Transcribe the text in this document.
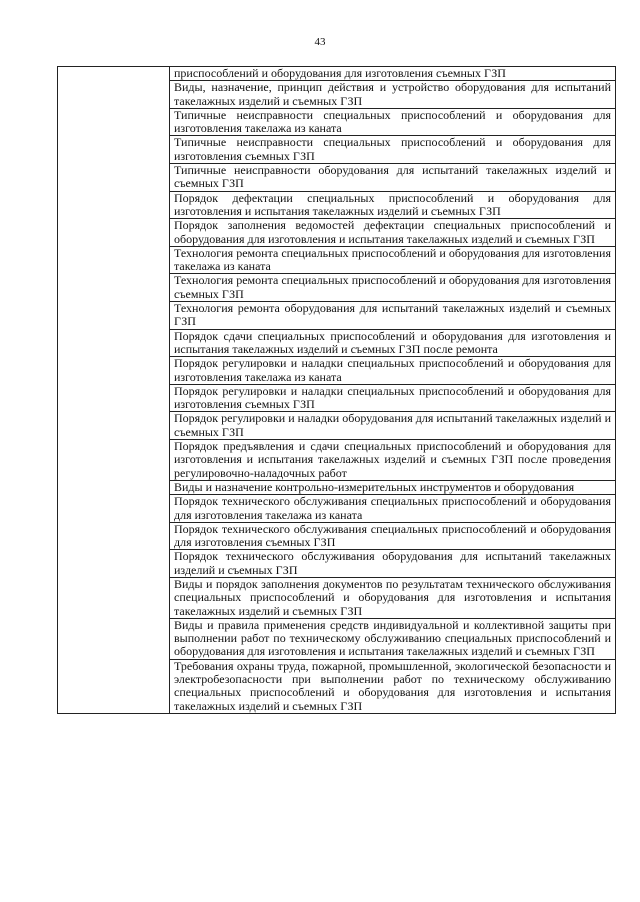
43
	приспособлений и оборудования для изготовления съемных ГЗП
Виды, назначение, принцип действия и устройство оборудования для испытаний такелажных изделий и съемных ГЗП
Типичные неисправности специальных приспособлений и оборудования для изготовления такелажа из каната
Типичные неисправности специальных приспособлений и оборудования для изготовления съемных ГЗП
Типичные неисправности оборудования для испытаний такелажных изделий и съемных ГЗП
Порядок дефектации специальных приспособлений и оборудования для изготовления и испытания такелажных изделий и съемных ГЗП
Порядок заполнения ведомостей дефектации специальных приспособлений и оборудования для изготовления и испытания такелажных изделий и съемных ГЗП
Технология ремонта специальных приспособлений и оборудования для изготовления такелажа из каната
Технология ремонта специальных приспособлений и оборудования для изготовления съемных ГЗП
Технология ремонта оборудования для испытаний такелажных изделий и съемных ГЗП
Порядок сдачи специальных приспособлений и оборудования для изготовления и испытания такелажных изделий и съемных ГЗП после ремонта
Порядок регулировки и наладки специальных приспособлений и оборудования для изготовления такелажа из каната
Порядок регулировки и наладки специальных приспособлений и оборудования для изготовления съемных ГЗП
Порядок регулировки и наладки оборудования для испытаний такелажных изделий и съемных ГЗП
Порядок предъявления и сдачи специальных приспособлений и оборудования для изготовления и испытания такелажных изделий и съемных ГЗП после проведения регулировочно-наладочных работ
Виды и назначение контрольно-измерительных инструментов и оборудования
Порядок технического обслуживания специальных приспособлений и оборудования для изготовления такелажа из каната
Порядок технического обслуживания специальных приспособлений и оборудования для изготовления съемных ГЗП
Порядок технического обслуживания оборудования для испытаний такелажных изделий и съемных ГЗП
Виды и порядок заполнения документов по результатам технического обслуживания специальных приспособлений и оборудования для изготовления и испытания такелажных изделий и съемных ГЗП
Виды и правила применения средств индивидуальной и коллективной защиты при выполнении работ по техническому обслуживанию специальных приспособлений и оборудования для изготовления и испытания такелажных изделий и съемных ГЗП
Требования охраны труда, пожарной, промышленной, экологической безопасности и электробезопасности при выполнении работ по техническому обслуживанию специальных приспособлений и оборудования для изготовления и испытания такелажных изделий и съемных ГЗП
